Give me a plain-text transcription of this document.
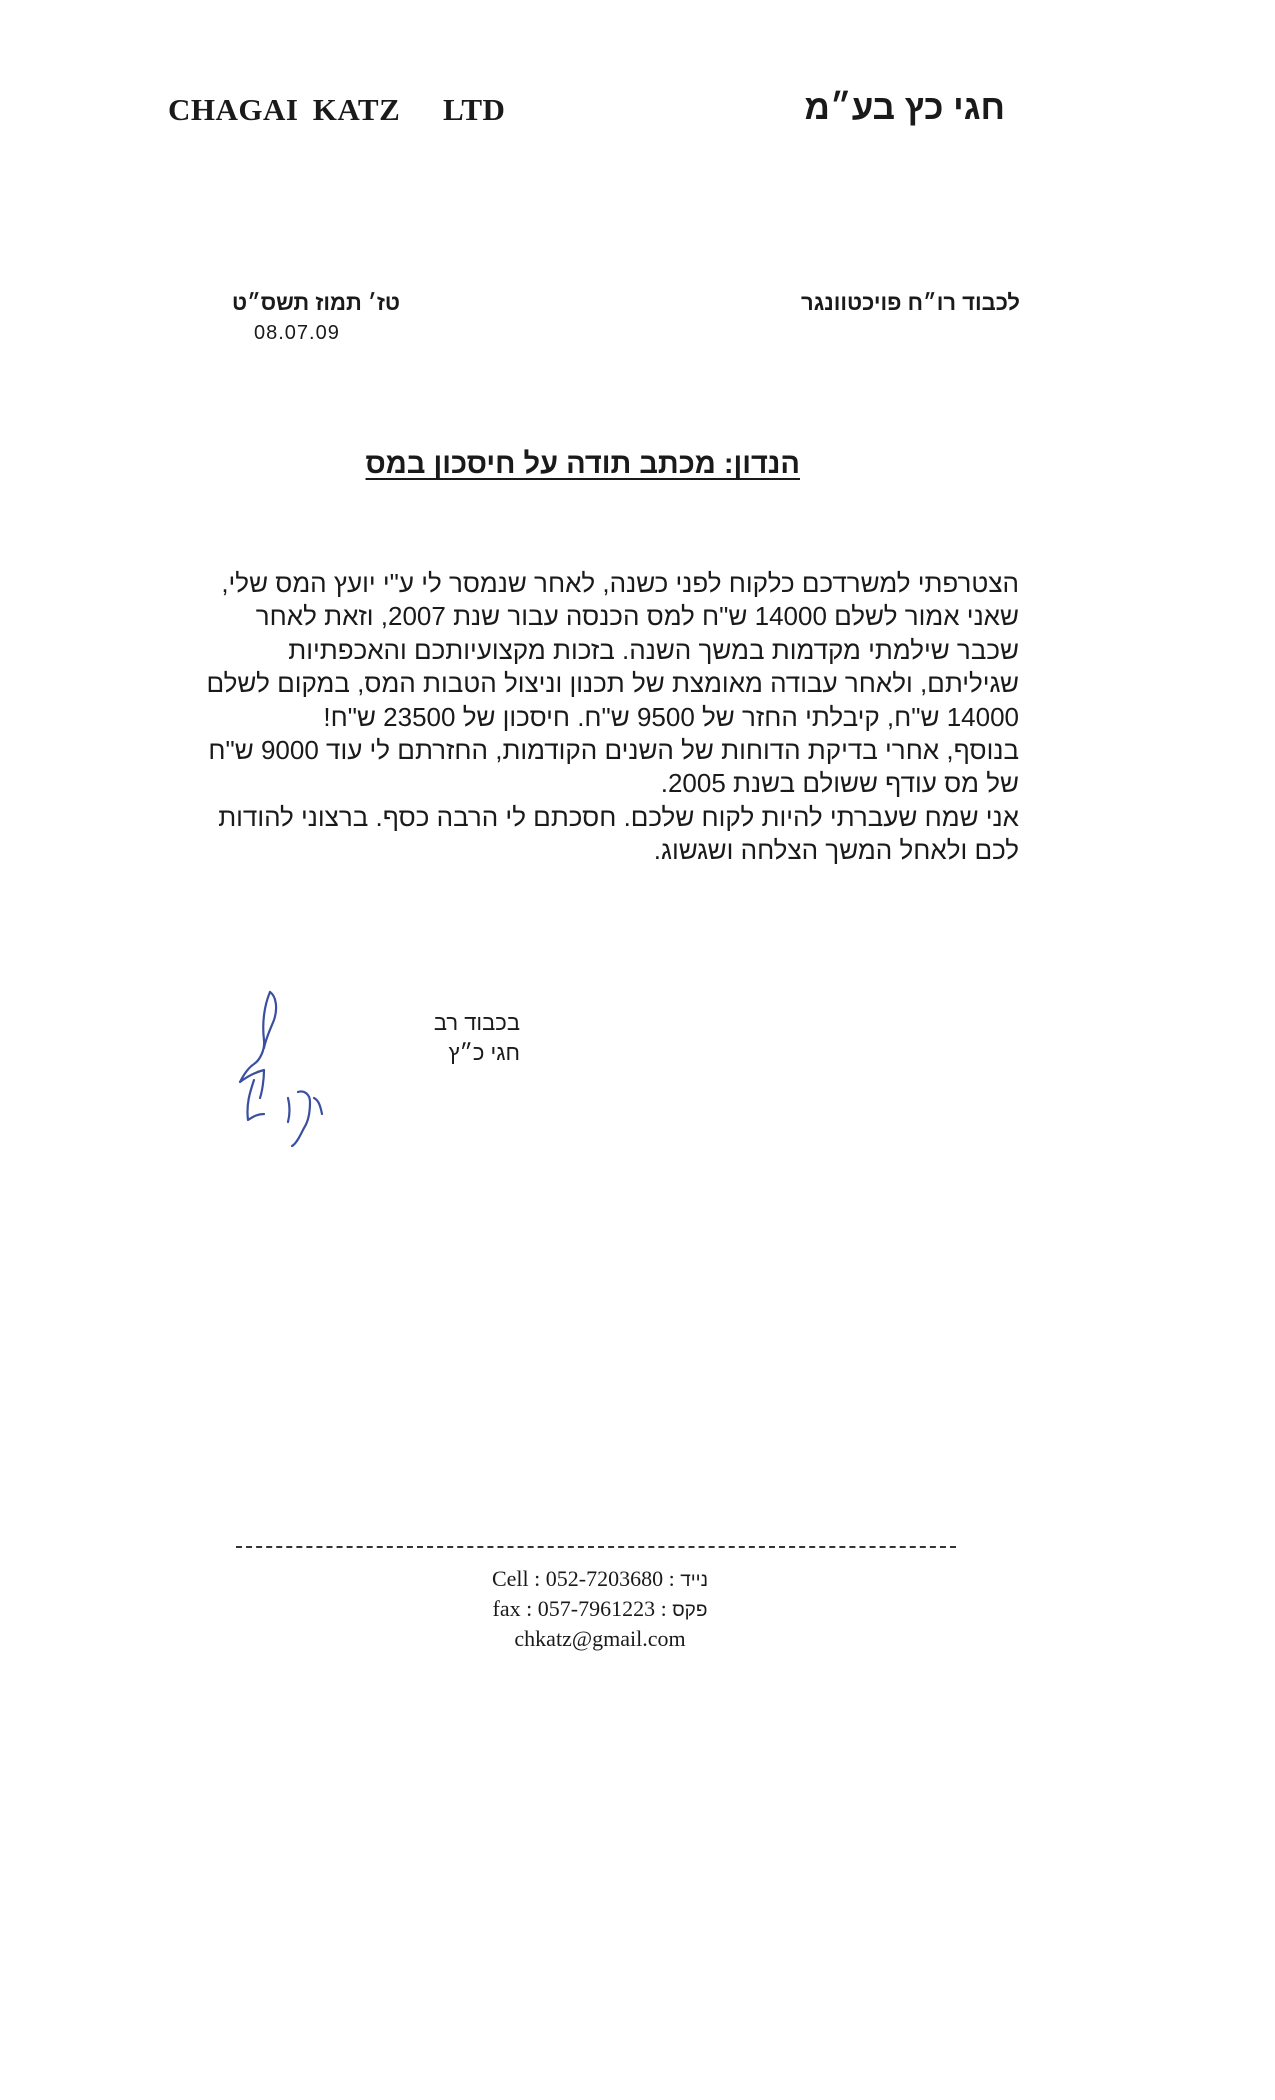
CHAGAI KATZ   LTD	חגי כץ בע״מ
לכבוד רו״ח פויכטוונגר
טז׳ תמוז תשס״ט
08.07.09
הנדון: מכתב תודה על חיסכון במס
הצטרפתי למשרדכם כלקוח לפני כשנה, לאחר שנמסר לי ע"י יועץ המס שלי,
שאני אמור לשלם 14000 ש"ח למס הכנסה עבור שנת 2007, וזאת לאחר
שכבר שילמתי מקדמות במשך השנה. בזכות מקצועיותכם והאכפתיות
שגיליתם, ולאחר עבודה מאומצת של תכנון וניצול הטבות המס, במקום לשלם
14000 ש"ח, קיבלתי החזר של 9500 ש"ח. חיסכון של 23500 ש"ח!
בנוסף, אחרי בדיקת הדוחות של השנים הקודמות, החזרתם לי עוד 9000 ש"ח
של מס עודף ששולם בשנת 2005.
אני שמח שעברתי להיות לקוח שלכם. חסכתם לי הרבה כסף. ברצוני להודות
לכם ולאחל המשך הצלחה ושגשוג.
בכבוד רב
חגי כ״ץ
Cell : 052-7203680 : נייד
fax : 057-7961223 : פקס
chkatz@gmail.com
